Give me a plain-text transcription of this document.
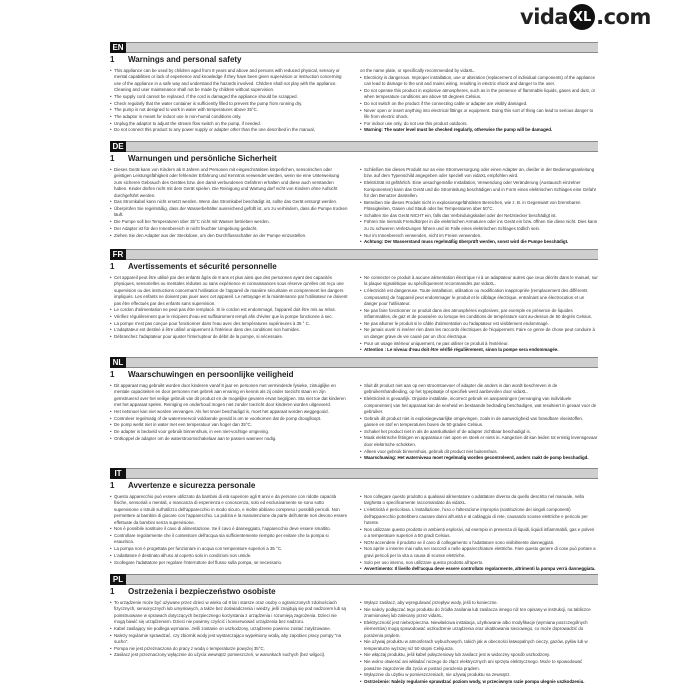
vida XL .com
EN
1	Warnings and personal safety

• This appliance can be used by children aged from 8 years and above and persons with reduced physical, sensory or mental capabilities or lack of experience and knowledge if they have been given supervision or instruction concerning use of the appliance in a safe way and understand the hazards involved. Children shall not play with the appliance. Cleaning and user maintenance shall not be made by children without supervision.

• The supply cord cannot be replaced. If the cord is damaged the appliance should be scrapped.

• Check regularly that the water container is sufficiently filled to prevent the pump from running dry.

• The pump is not designed to work in water with temperatures above 35°C.

• The adaptor is meant for indoor use in non-humid conditions only.

• Unplug the adaptor to adjust the stream flow switch on the pump, if needed.

• Do not connect this product to any power supply or adapter other than the one described in the manual,

on the name plate, or specifically recommended by vidaXL.

• Electricity is dangerous. Improper installation, use or alteration (replacement of individual components) of the appliance can lead to damage to the unit and mains wiring, resulting in electric shock and danger to the user.

• Do not operate this product in explosive atmospheres, such as in the presence of flammable liquids, gases and dust, or when temperature conditions are above 50 degrees Celsius.

• Do not switch on the product if the connecting cable or adapter are visibly damaged.

• Never open or insert anything into electrical fittings or equipment. Doing this sort of thing can lead to serious danger to life from electric shock.

• For indoor use only, do not use this product outdoors.

• Warning: The water level must be checked regularly, otherwise the pump will be damaged.

DE
1	Warnungen und persönliche Sicherheit

• Dieses Gerät kann von Kindern ab 8 Jahren und Personen mit eingeschränkten körperlichen, sensorischen oder geistigen Leistungsfähigkeit oder fehlender Erfahrung und Kenntnis verwendet werden, wenn sie eine Unterweisung zum sicheren Gebrauch des Gerätes bzw. den damit verbundenen Gefahren erhalten und diese auch verstanden haben. Kinder dürfen nicht mit dem Gerät spielen. Die Reinigung und Wartung darf nicht von Kindern ohne Aufsicht durchgeführt werden.

• Das Stromkabel kann nicht ersetzt werden. Wenn das Stromkabel beschädigt ist, sollte das Gerät entsorgt werden.

• Überprüfen Sie regelmäßig, dass der Wasserbehälter ausreichend gefüllt ist, um zu verhindern, dass die Pumpe trocken läuft.

• Die Pumpe soll bei Temperaturen über 35°C nicht mit Wasser betrieben werden.

• Der Adapter ist für den Innenbereich in nicht feuchter Umgebung gedacht.

• Ziehen Sie den Adapter aus der Steckdose, um den Durchflussschalter an der Pumpe einzustellen.

• Schließen Sie dieses Produkt nur an eine Stromversorgung oder einen Adapter an, die/der in der Bedienungsanleitung bzw. auf dem Typenschild angegeben oder speziell von vidaXL empfohlen wird.

• Elektrizität ist gefährlich. Eine unsachgemäße Installation, Verwendung oder Veränderung (Austausch einzelner Komponenten) kann das Gerät und die Stromleitung beschädigen und in Form eines elektrischen Schlages eine Gefahr für den Benutzer darstellen.

• Betreiben Sie dieses Produkt nicht in explosionsgefährdeten Bereichen, wie z. B. in Gegenwart von brennbaren Flüssigkeiten, Gasen und Staub oder bei Temperaturen über 50°C.

• Schalten Sie das Gerät NICHT ein, falls das Verbindungskabel oder der Netzstecker beschädigt ist.

• Führen Sie niemals Fremdkörper in die elektrischen Armaturen oder ins Gerät ein bzw. öffnen Sie diese nicht. Dies kann zu zu schweren Verletzungen führen und im Falle eines elektrischen Schlages tödlich sein.

• Nur im Innenbereich verwenden, nicht im Freien verwenden.

• Achtung: Der Wasserstand muss regelmäßig überprüft werden, sonst wird die Pumpe beschädigt.

FR
1	Avertissements et sécurité personnelle

• Cet appareil peut être utilisé par des enfants âgés de 8 ans et plus ainsi que des personnes ayant des capacités physiques, sensorielles ou mentales réduites ou sans expérience et connaissances sous réserve qu'elles ont reçu une supervision ou des instructions concernant l'utilisation de l'appareil de manière sécuritaire et comprennent les dangers impliqués. Les enfants ne doivent pas jouer avec cet appareil. Le nettoyage et la maintenance par l'utilisateur ne doivent pas être effectués par des enfants sans supervision.

• Le cordon d'alimentation ne peut pas être remplacé. Si le cordon est endommagé, l'appareil doit être mis au rebut.

• Vérifiez régulièrement que le récipient d'eau est suffisamment rempli afin d'éviter que la pompe fonctionne à sec.

• La pompe n'est pas conçue pour fonctionner dans l'eau avec des températures supérieures à 35 ° C.

• L'adaptateur est destiné à être utilisé uniquement à l'intérieur dans des conditions non humides.

• Débranchez l'adaptateur pour ajuster l'interrupteur de débit de la pompe, si nécessaire.

• Ne connecter ce produit à aucune alimentation électrique ni à un adaptateur autres que ceux décrits dans le manuel, sur la plaque signalétique ou spécifiquement recommandés par vidaXL.

• L'électricité est dangereuse. Toute installation, utilisation ou modification inappropriée (remplacement des différents composants) de l'appareil peut endommager le produit et le câblage électrique, entraînant une électrocution et un danger pour l'utilisateur.

• Ne pas faire fonctionner ce produit dans des atmosphères explosives, par exemple en présence de liquides inflammables, de gaz et de poussière ou lorsque les conditions de température sont au-dessus de 50 degrés Celsius.

• Ne pas allumer le produit si le câble d'alimentation ou l'adaptateur est visiblement endommagé.

• Ne jamais ouvrir ni insérer rien dans les raccords électriques de l'équipement. Faire ce genre de chose peut conduire à un danger grave de vie causé par un choc électrique.

• Pour un usage intérieur uniquement, ne pas utiliser ce produit à l'extérieur.

• Attention : Le niveau d'eau doit être vérifié régulièrement, sinon la pompe sera endommagée.

NL
1	Waarschuwingen en persoonlijke veiligheid

• Dit apparaat mag gebruikt worden door kinderen vanaf 8 jaar en personen met verminderde fysieke, zintuiglijke en mentale capaciteiten en door personen met gebrek aan ervaring en kennis als zij onder toezicht staan en zijn geïnstrueerd over het veilige gebruik van dit product en de mogelijke gevaren ervan begrijpen. Sta niet toe dat kinderen met het apparaat spelen. Reiniging en onderhoud mogen niet zonder toezicht door kinderen worden uitgevoerd.

• Het netsnoer kan niet worden vervangen. Als het snoer beschadigd is, moet het apparaat worden weggegooid.

• Controleer regelmatig of de waterreservoir voldoende gevuld is om te voorkomen dat de pomp drooglloopt.

• De pomp werkt niet in water met een temperatuur van hoger dan 35°C.

• De adapter is bedoeld voor gebruik binnenshuis, in een niet-vochtige omgeving.

• Ontkoppel de adapter om de waterstroomschakelaar aan te passen wanneer nodig.

• Sluit dit product niet aan op een stroomtoevoer of adapter die anders is dan wordt beschreven in de gebruikershandleiding, op het typeplaatje of specifiek werd aanbevolen door vidaXL.

• Elektriciteit is gevaarlijk. Onjuiste installatie, incorrect gebruik en aanpassingen (vervanging van individuele componenten) van het apparaat kan de eenheid en bestaande bedrading beschadigen, wat resulteert in gevaar voor de gebruiker.

• Gebruik dit product niet in explosiegevaarlijke omgevingen, zoals in de aanwezigheid van brandbare vloeistoffen, gassen en stof en temperaturen boven de 50 graden Celsius.

• Schakel het product niet in als de aansluitkabel of de adapter zichtbaar beschadigd is.

• Maak elektrische fittingen en apparatuur niet open en steek er niets in. Aangezien dit kan leiden tot ernstig levensgevaar door elektrische schokken.

• Alleen voor gebruik binnenshuis, gebruik dit product niet buitenshuis.

• Waarschuwing: Het waterniveau moet regelmatig worden gecontroleerd, anders raakt de pomp beschadigd.

IT
1	Avvertenze e sicurezza personale

• Questo apparecchio può essere utilizzato da bambini di età superiore agli 8 anni e da persone con ridotte capacità fisiche, sensoriali o mentali, o mancanza di esperienza e conoscenza, solo ed esclusivamente se sono sotto supervisione o istruiti sull'utilizzo dell'apparecchio in modo sicuro, e inoltre abbiano compreso i possibili pericoli. Non permettere ai bambini di giocare con l'apparecchio. La pulizia e la manutenzione da parte dell'utente non devono essere effettuate da bambini senza supervisione.

• Non è possibile sostituire il cavo di alimentazione. Se il cavo è danneggiato, l'apparecchio deve essere smaltito.

• Controllare regolarmente che il contenitore dell'acqua sia sufficientemente riempito per evitare che la pompa si esaurisca.

• La pompa non è progettata per funzionare in acqua con temperature superiori a 35 °C.

• L'adattatore è destinato all'uso al coperto solo in condizioni non umide.

• Scollegare l'adattatore per regolare l'interruttore del flusso sulla pompa, se necessario.

• Non collegare questo prodotto a qualsiasi alimentatore o adattatore diverso da quello descritto nel manuale, nella targhetta o specificamente raccomandato da vidaXL.

• L'elettricità è pericolosa. L'installazione, l'uso o l'alterazione impropria (sostituzione dei singoli componenti) dell'apparecchio potrebbero causare danni all'unità e al cablaggio di rete, causando scosse elettriche e pericolo per l'utente.

• Non utilizzare questo prodotto in ambienti esplosivi, ad esempio in presenza di liquidi, liquidi infiammabili, gas e polveri o a temperature superiori a 50 gradi Celsius.

• NON accendere il prodotto se il cavo di collegamento o l'adattatore sono visibilmente danneggiati.

• Non aprire o inserire mai nulla nei raccordi o nelle apparecchiature elettriche. Fare questo genere di cose può portare a gravi pericoli per la vita a causa di scosse elettriche.

• Solo per uso interno, non utilizzare questo prodotto all'aperto.

• Avvertimento: Il livello dell'acqua deve essere controllato regolarmente, altrimenti la pompa verrà danneggiata.

PL
1	Ostrzeżenia i bezpieczeństwo osobiste

• To urządzenie może być używane przez dzieci w wieku od 8 lat i starsze oraz osoby o ograniczonych zdolnościach fizycznych, sensorycznych lub umysłowych, a także bez doświadczenia i wiedzy, jeśli znajdują się pod nadzorem lub są poinstruowane w sprawach dotyczących bezpiecznego korzystania z urządzenia i rozumieją zagrożenia. Dzieci nie mogą bawić się urządzeniem. Dzieci nie powinny czyścić i konserwować urządzenia bez nadzoru.

• Kabel zasilający nie podlega wymianie. Jeśli zostanie on uszkodzony, urządzenie powinno zostać zutylizowane.

• Należy regularnie sprawdzać, czy zbiornik wody jest wystarczająco wypełniony wodą, aby zapobiec pracy pompy "na sucho".

• Pompa nie jest przeznaczona do pracy z wodą o temperaturze powyżej 35°C.

• Zasilacz jest przeznaczony wyłącznie do użycia wewnątrz pomieszczeń, w warunkach suchych (bez wilgoci).

• Wyłącz zasilacz, aby wyregulować przepływ wody, jeśli to konieczne.

• Nie należy podłączać tego produktu do źródła zasilania lub zasilacza innego niż ten opisany w instrukcji, na tabliczce znamionowej lub zalecany przez vidaXL.

• Elektryczność jest niebezpieczna. Niewłaściwa instalacja, użytkowanie albo modyfikacje (wymiana poszczególnych elementów) mogą spowodować uszkodzenie urządzenia oraz okablowania sieciowego, co może doprowadzić do porażenia prądem.

• Nie używaj produktu w atmosferach wybuchowych, takich jak w obecności łatwopalnych cieczy, gazów, pyłów lub w temperaturze wyższej niż 50 stopni Celsjusza.

• Nie włączaj produktu, jeśli kabel połączeniowy lub zasilacz jest w widoczny sposób uszkodzony.

• Nie wolno otwierać ani wkładać niczego do złącz elektrycznych ani sprzętu elektrycznego. Może to spowodować poważne zagrożenie dla życia w postaci porażenia prądem.

• Wyłącznie do użytku w pomieszczeniach, nie używaj produktu na zewnątrz.

• Ostrzeżenie: Należy regularnie sprawdzać poziom wody, w przeciwnym razie pompa ulegnie uszkodzeniu.
